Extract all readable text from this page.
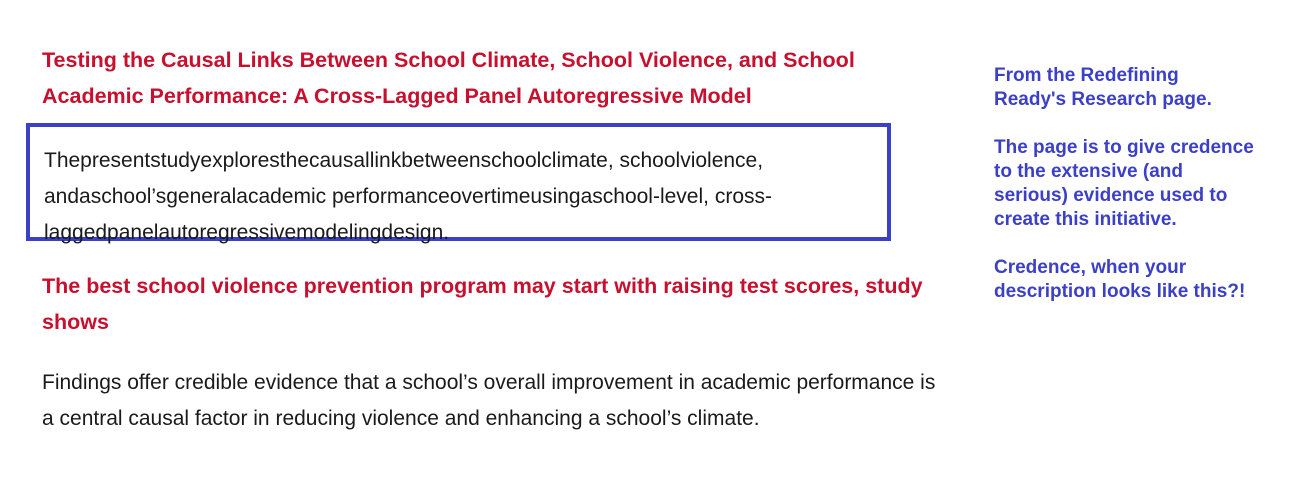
Testing the Causal Links Between School Climate, School Violence, and School Academic Performance: A Cross-Lagged Panel Autoregressive Model
Thepresentstudyexploresthecausallinkbetweenschoolclimate, schoolviolence,
andaschool’sgeneralacademic performanceovertimeusingaschool-level, cross-
laggedpanelautoregressivemodelingdesign.
The best school violence prevention program may start with raising test scores, study shows

Findings offer credible evidence that a school’s overall improvement in academic performance is a central causal factor in reducing violence and enhancing a school’s climate.

From the Redefining Ready's Research page.

The page is to give credence to the extensive (and serious) evidence used to create this initiative.

Credence, when your description looks like this?!
